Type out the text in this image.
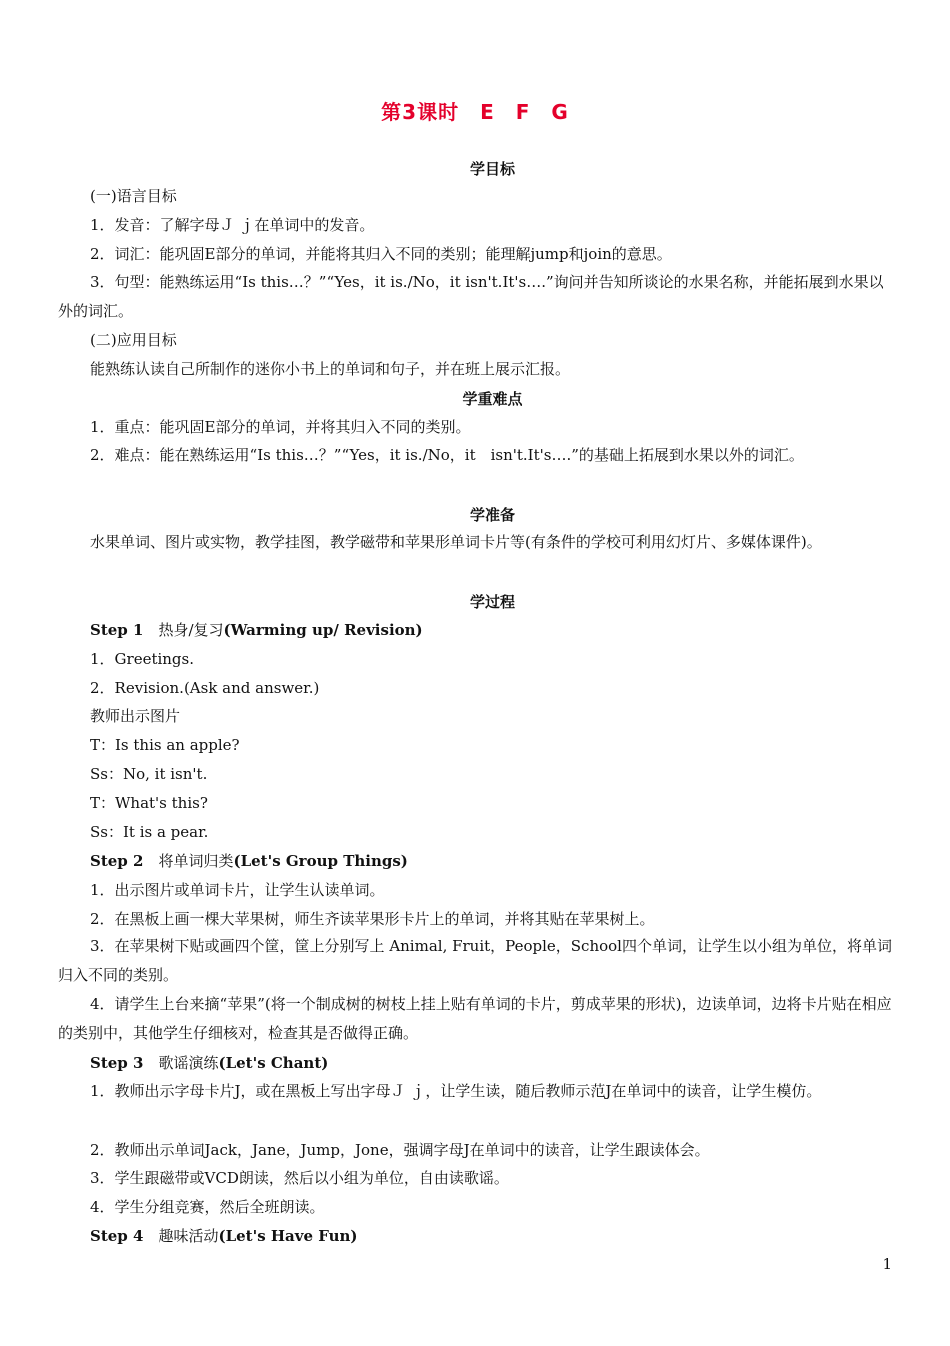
第3课时　E　F　G
学目标
(一)语言目标
1．发音：了解字母Ｊ ｊ在单词中的发音。
2．词汇：能巩固E部分的单词，并能将其归入不同的类别；能理解jump和join的意思。
3．句型：能熟练运用“Is this…？”“Yes，it is./No，it isn't.It's….”询问并告知所谈论的水果名称，并能拓展到水果以外的词汇。
(二)应用目标
能熟练认读自己所制作的迷你小书上的单词和句子，并在班上展示汇报。
学重难点
1．重点：能巩固E部分的单词，并将其归入不同的类别。
2．难点：能在熟练运用“Is this…？”“Yes，it is./No，it　isn't.It's….”的基础上拓展到水果以外的词汇。
学准备
水果单词、图片或实物，教学挂图，教学磁带和苹果形单词卡片等(有条件的学校可利用幻灯片、多媒体课件)。
学过程
Step 1　 热身/复习(Warming up/ Revision)
1．Greetings.
2．Revision.(Ask and answer.)
教师出示图片
T：Is this an apple?
Ss：No, it isn't.
T：What's this?
Ss：It is a pear.
Step 2　 将单词归类(Let's Group Things)
1．出示图片或单词卡片，让学生认读单词。
2．在黑板上画一棵大苹果树，师生齐读苹果形卡片上的单词，并将其贴在苹果树上。
3．在苹果树下贴或画四个筐，筐上分别写上 Animal, Fruit，People，School四个单词，让学生以小组为单位，将单词归入不同的类别。
4．请学生上台来摘“苹果”(将一个制成树的树枝上挂上贴有单词的卡片，剪成苹果的形状)，边读单词，边将卡片贴在相应的类别中，其他学生仔细核对，检查其是否做得正确。
Step 3　 歌谣演练(Let's Chant)
1．教师出示字母卡片J，或在黑板上写出字母Ｊ ｊ，让学生读，随后教师示范J在单词中的读音，让学生模仿。
2．教师出示单词Jack，Jane，Jump，Jone，强调字母J在单词中的读音，让学生跟读体会。
3．学生跟磁带或VCD朗读，然后以小组为单位，自由读歌谣。
4．学生分组竞赛，然后全班朗读。
Step 4　 趣味活动(Let's Have Fun)
1
